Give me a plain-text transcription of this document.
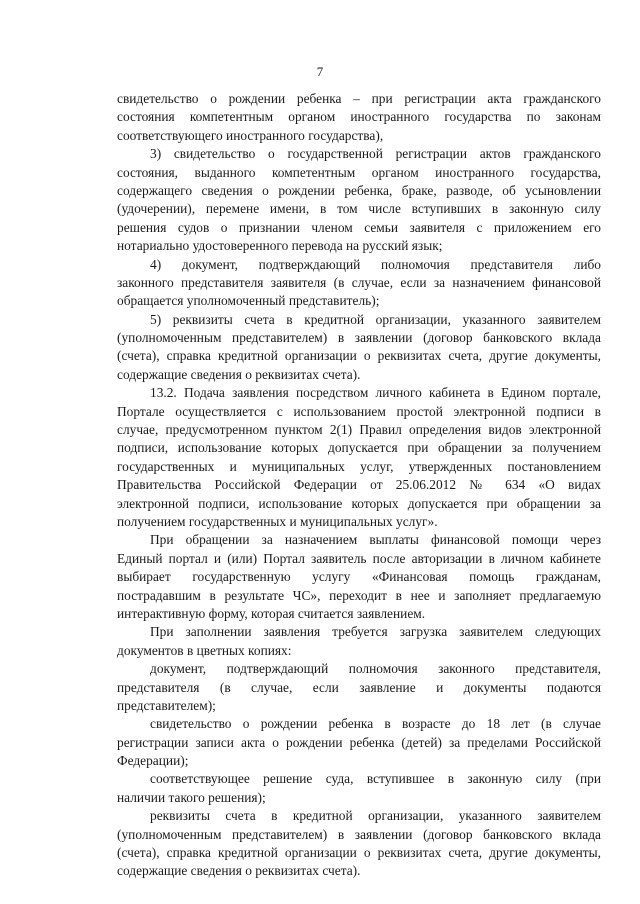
7
свидетельство о рождении ребенка – при регистрации акта гражданского
состояния компетентным органом иностранного государства по законам
соответствующего иностранного государства),
3) свидетельство о государственной регистрации актов гражданского
состояния, выданного компетентным органом иностранного государства,
содержащего сведения о рождении ребенка, браке, разводе, об усыновлении
(удочерении), перемене имени, в том числе вступивших в законную силу
решения судов о признании членом семьи заявителя с приложением его
нотариально удостоверенного перевода на русский язык;
4) документ, подтверждающий полномочия представителя либо
законного представителя заявителя (в случае, если за назначением финансовой
обращается уполномоченный представитель);
5) реквизиты счета в кредитной организации, указанного заявителем
(уполномоченным представителем) в заявлении (договор банковского вклада
(счета), справка кредитной организации о реквизитах счета, другие документы,
содержащие сведения о реквизитах счета).
13.2. Подача заявления посредством личного кабинета в Едином портале,
Портале осуществляется с использованием простой электронной подписи в
случае, предусмотренном пунктом 2(1) Правил определения видов электронной
подписи, использование которых допускается при обращении за получением
государственных и муниципальных услуг, утвержденных постановлением
Правительства Российской Федерации от 25.06.2012 № 634 «О видах
электронной подписи, использование которых допускается при обращении за
получением государственных и муниципальных услуг».
При обращении за назначением выплаты финансовой помощи через
Единый портал и (или) Портал заявитель после авторизации в личном кабинете
выбирает государственную услугу «Финансовая помощь гражданам,
пострадавшим в результате ЧС», переходит в нее и заполняет предлагаемую
интерактивную форму, которая считается заявлением.
При заполнении заявления требуется загрузка заявителем следующих
документов в цветных копиях:
документ, подтверждающий полномочия законного представителя,
представителя (в случае, если заявление и документы подаются
представителем);
свидетельство о рождении ребенка в возрасте до 18 лет (в случае
регистрации записи акта о рождении ребенка (детей) за пределами Российской
Федерации);
соответствующее решение суда, вступившее в законную силу (при
наличии такого решения);
реквизиты счета в кредитной организации, указанного заявителем
(уполномоченным представителем) в заявлении (договор банковского вклада
(счета), справка кредитной организации о реквизитах счета, другие документы,
содержащие сведения о реквизитах счета).
